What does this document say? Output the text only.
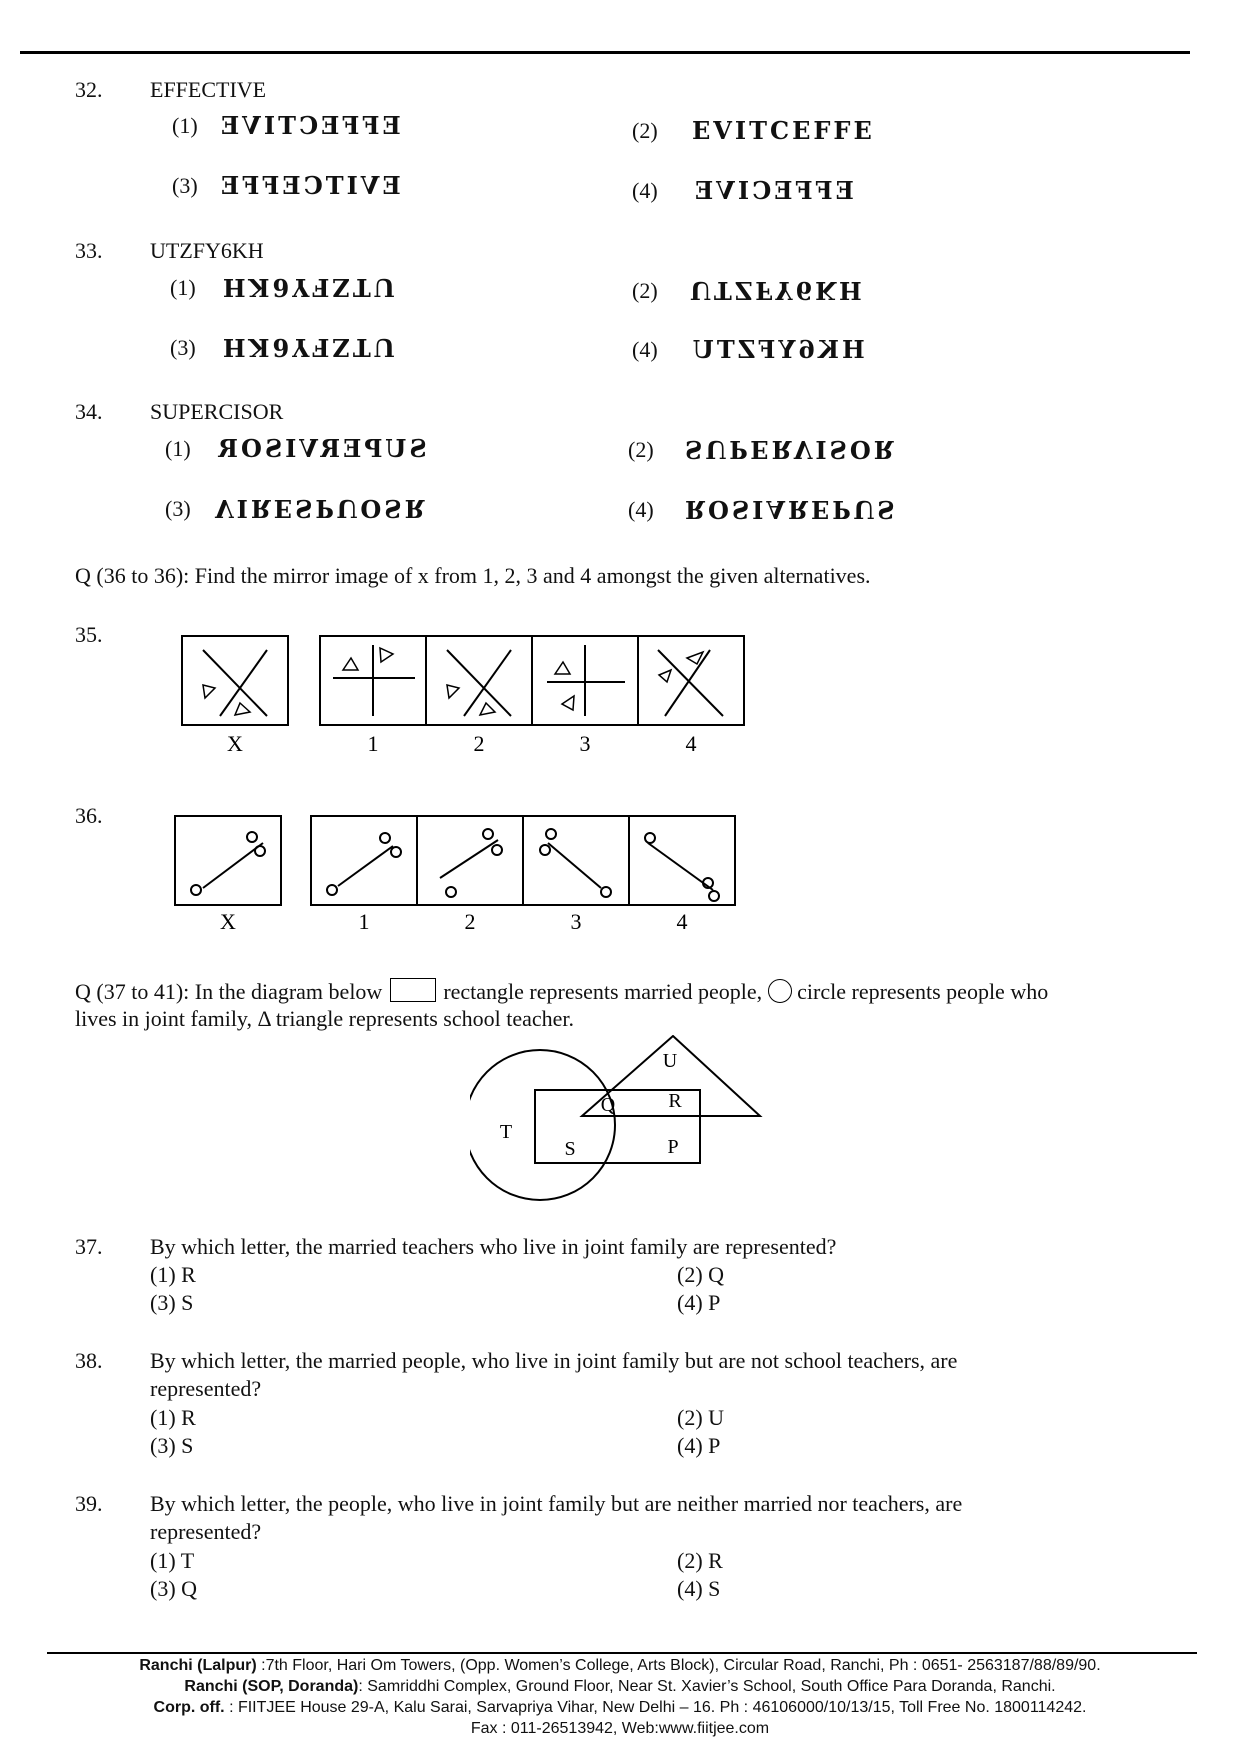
32. EFFECTIVE
(1) EFFECTIVE	(2) EVITCEFFE
(3) EVITCEFFE	(4) EFFECIVE
33. UTZFY6KH
(1) UTZFY6KH	(2) UTZFY6KH
(3) UTZFY6KH	(4) HK6YFZTU
34. SUPERCISOR
(1) SUPERVISOR	(2) SUPERVISOR
(3) VIRESPUOSR	(4) ROSIAREPUS
Q (36 to 36): Find the mirror image of x from 1, 2, 3 and 4 amongst the given alternatives.
35.
X	1	2	3	4
36.
X	1	2	3	4
Q (37 to 41): In the diagram below	rectangle represents married people, circle represents people who
lives in joint family, Δ triangle represents school teacher.
U
R
Q
T
S	P
37. By which letter, the married teachers who live in joint family are represented?
(1) R	(2) Q
(3) S	(4) P
38. By which letter, the married people, who live in joint family but are not school teachers, are
represented?
(1) R	(2) U
(3) S	(4) P
39. By which letter, the people, who live in joint family but are neither married nor teachers, are
represented?
(1) T	(2) R
(3) Q	(4) S
Ranchi (Lalpur) :7th Floor, Hari Om Towers, (Opp. Women’s College, Arts Block), Circular Road, Ranchi, Ph : 0651- 2563187/88/89/90.
Ranchi (SOP, Doranda): Samriddhi Complex, Ground Floor, Near St. Xavier’s School, South Office Para Doranda, Ranchi.
Corp. off. : FIITJEE House 29-A, Kalu Sarai, Sarvapriya Vihar, New Delhi – 16. Ph : 46106000/10/13/15, Toll Free No. 1800114242.
Fax : 011-26513942, Web:www.fiitjee.com
